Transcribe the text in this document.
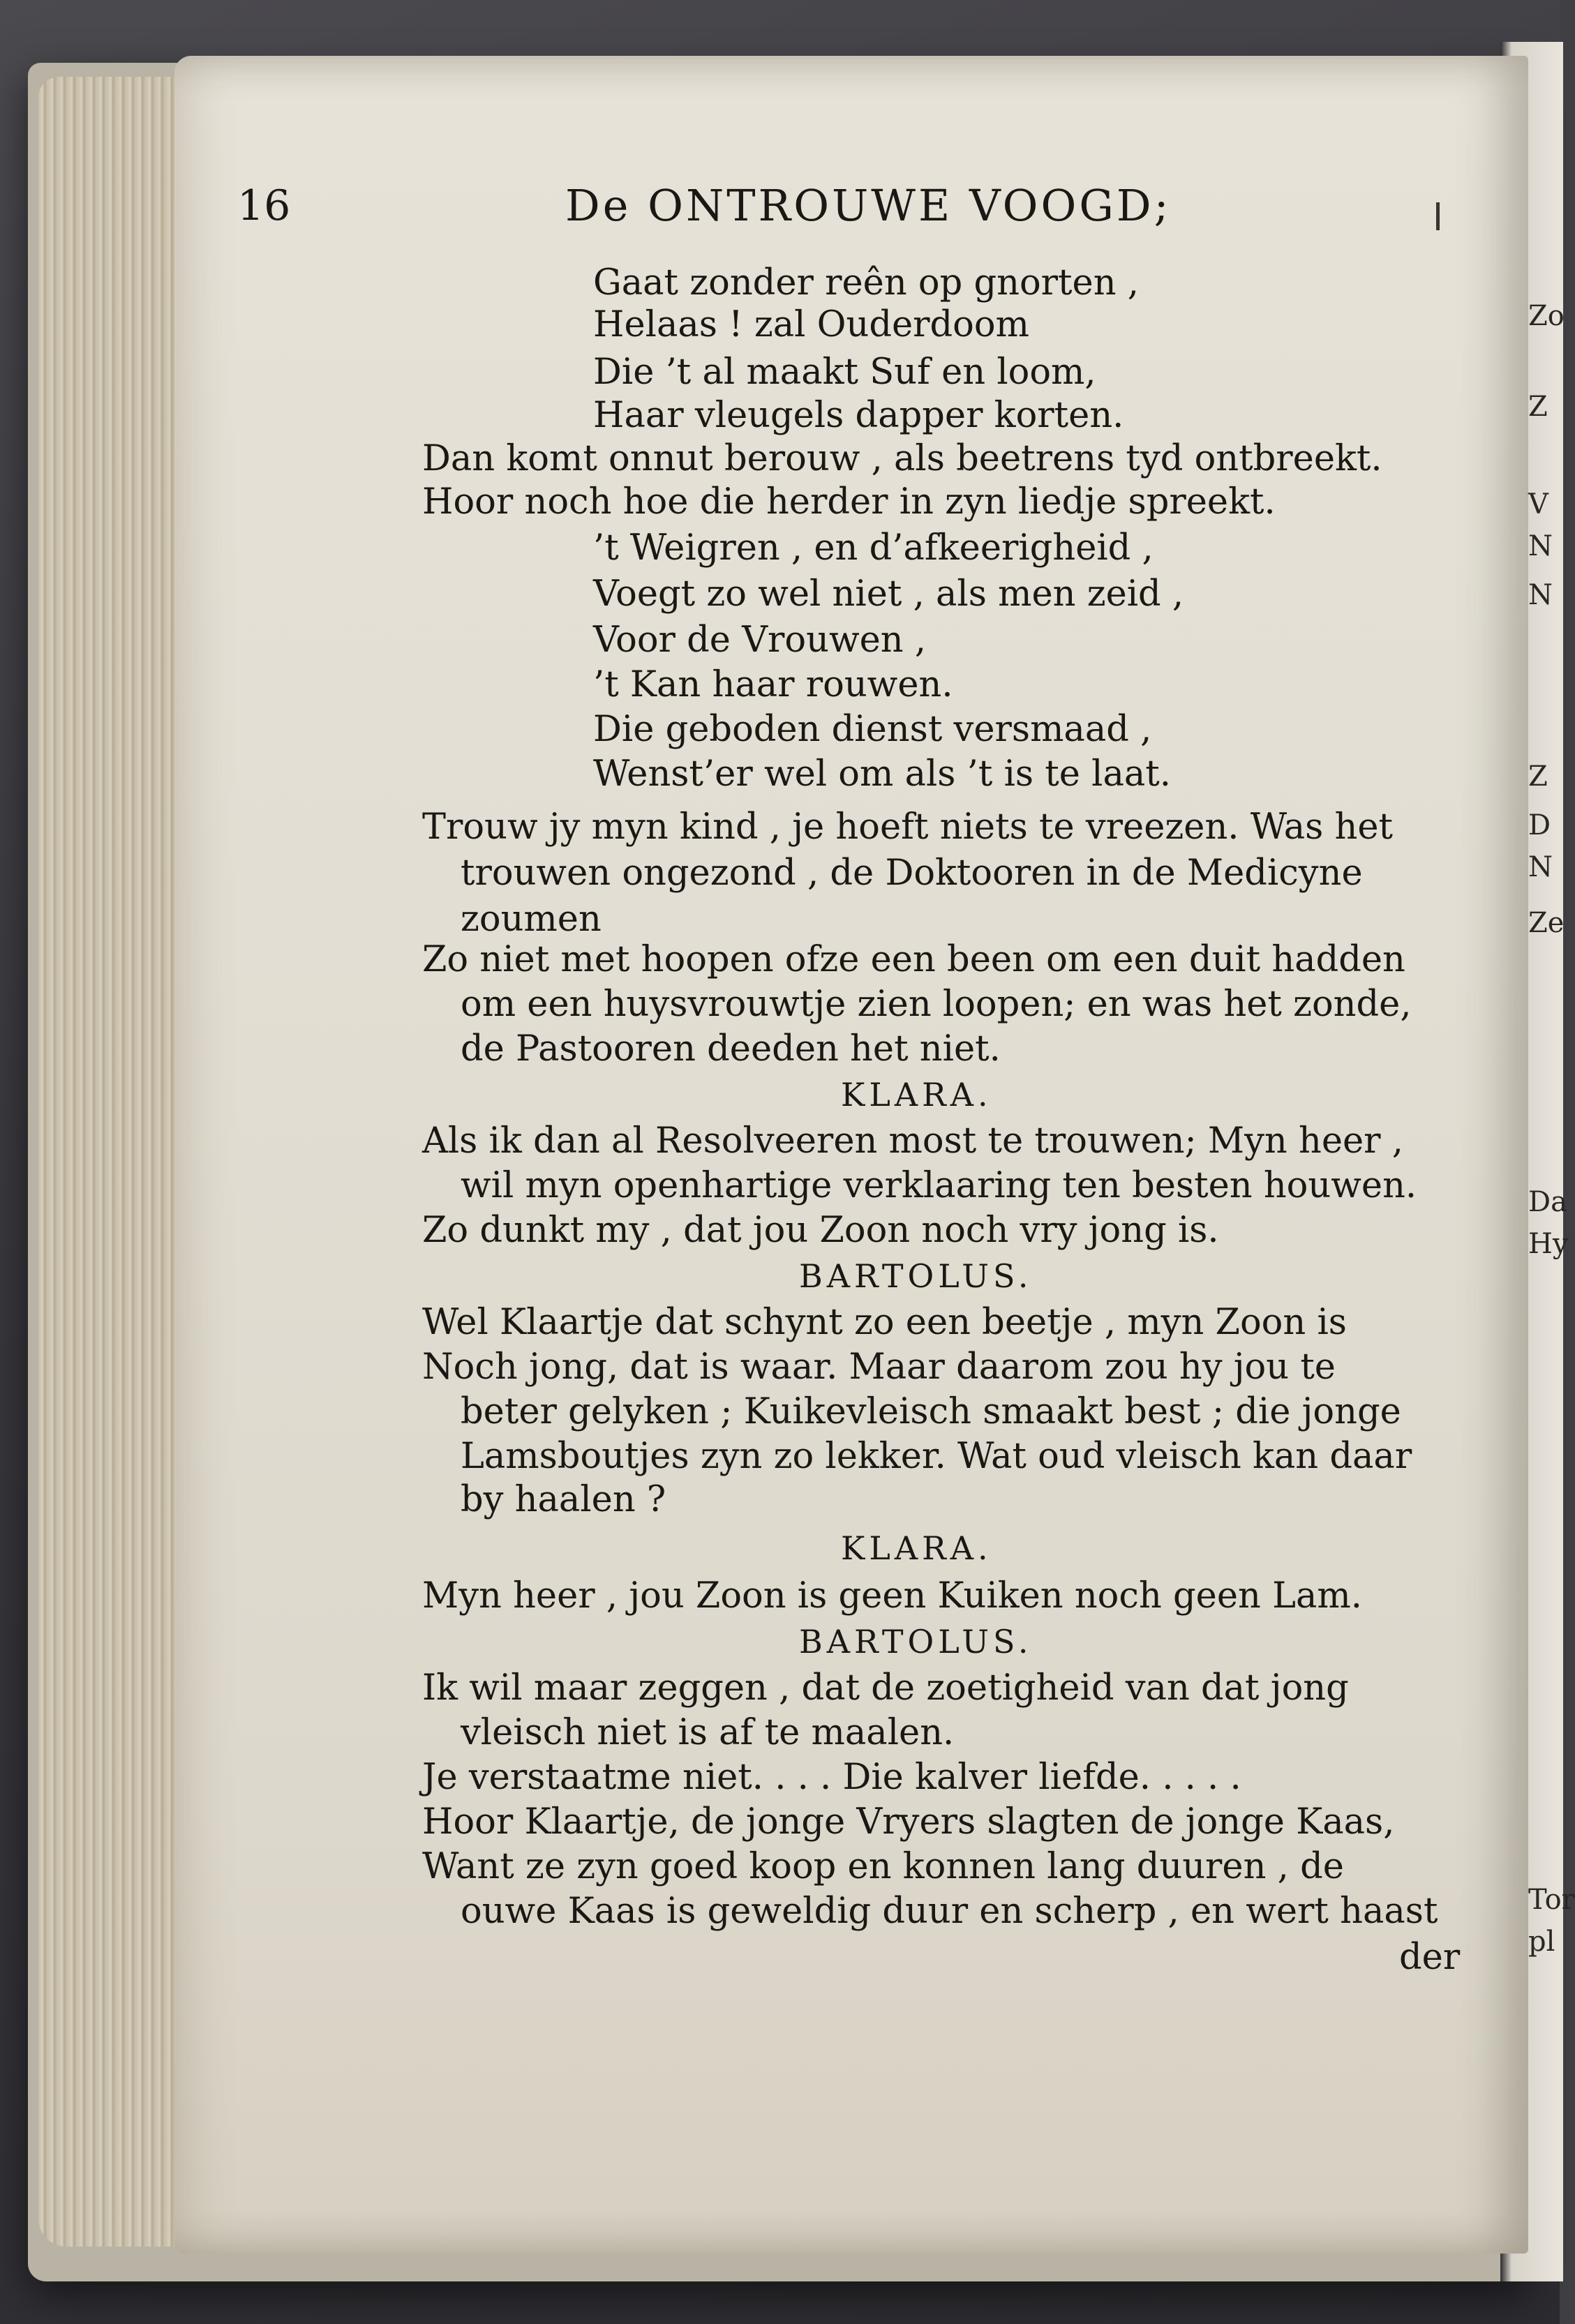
16	De ONTROUWE VOOGD;
Gaat zonder reên op gnorten ,
Helaas ! zal Ouderdoom
Die ’t al maakt Suf en loom,
Haar vleugels dapper korten.
Dan komt onnut berouw , als beetrens tyd ontbreekt.
Hoor noch hoe die herder in zyn liedje spreekt.
’t Weigren , en d’afkeerigheid ,
Voegt zo wel niet , als men zeid ,
Voor de Vrouwen ,
’t Kan haar rouwen.
Die geboden dienst versmaad ,
Wenst’er wel om als ’t is te laat.
Trouw jy myn kind , je hoeft niets te vreezen. Was het
trouwen ongezond , de Doktooren in de Medicyne
zoumen
Zo niet met hoopen ofze een been om een duit hadden
om een huysvrouwtje zien loopen; en was het zonde,
de Pastooren deeden het niet.
KLARA.
Als ik dan al Resolveeren most te trouwen; Myn heer ,
wil myn openhartige verklaaring ten besten houwen.
Zo dunkt my , dat jou Zoon noch vry jong is.
BARTOLUS.
Wel Klaartje dat schynt zo een beetje , myn Zoon is
Noch jong, dat is waar. Maar daarom zou hy jou te
beter gelyken ; Kuikevleisch smaakt best ; die jonge
Lamsboutjes zyn zo lekker. Wat oud vleisch kan daar
by haalen ?
KLARA.
Myn heer , jou Zoon is geen Kuiken noch geen Lam.
BARTOLUS.
Ik wil maar zeggen , dat de zoetigheid van dat jong
vleisch niet is af te maalen.
Je verstaatme niet. . . . Die kalver liefde. . . . .
Hoor Klaartje, de jonge Vryers slagten de jonge Kaas,
Want ze zyn goed koop en konnen lang duuren , de
ouwe Kaas is geweldig duur en scherp , en wert haast
der
Zo
Z
V
N
N
Z
D
N
Ze
Da
Hy
Tor
pl
